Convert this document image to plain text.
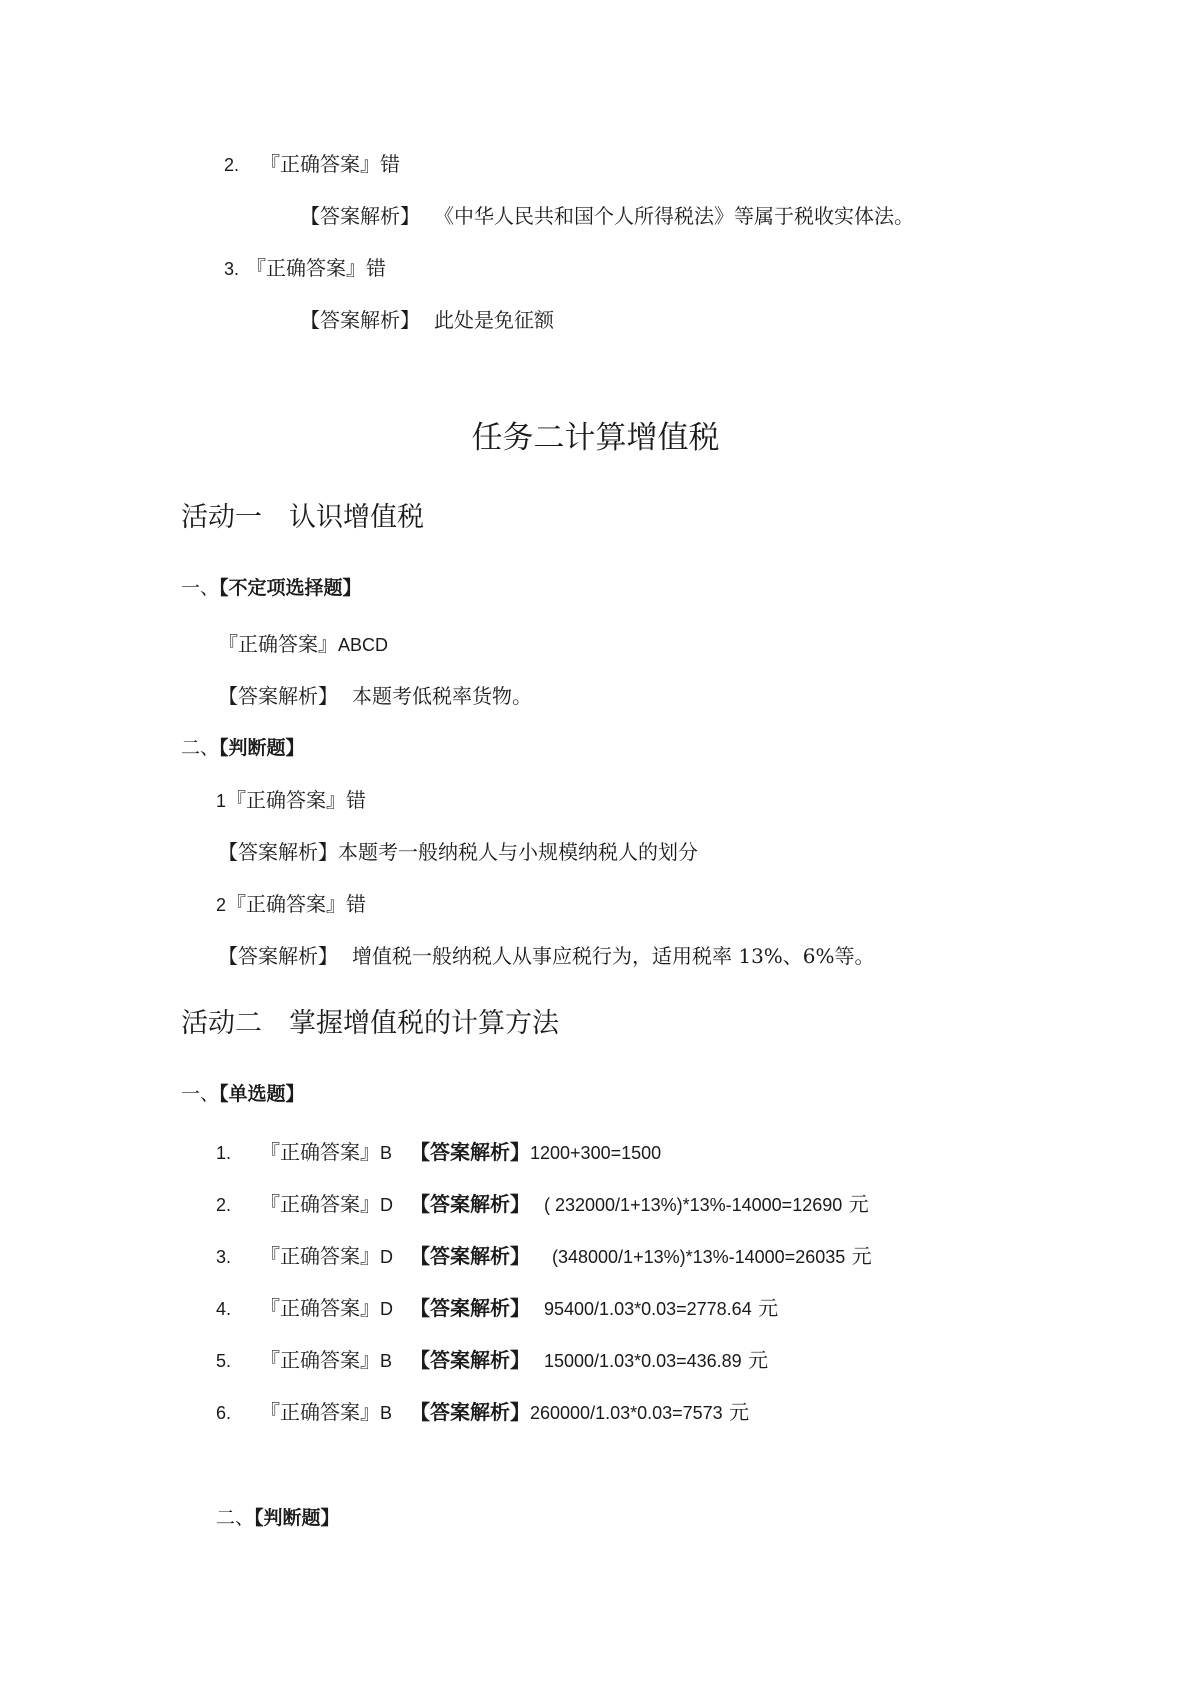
2. 『正确答案』错
【答案解析】 《中华人民共和国个人所得税法》等属于税收实体法。
3. 『正确答案』错
【答案解析】 此处是免征额
任务二计算增值税
活动一　认识增值税
一、【不定项选择题】
『正确答案』ABCD
【答案解析】 本题考低税率货物。
二、【判断题】
1『正确答案』错
【答案解析】本题考一般纳税人与小规模纳税人的划分
2『正确答案』错
【答案解析】 增值税一般纳税人从事应税行为，适用税率 13%、6%等。
活动二　掌握增值税的计算方法
一、【单选题】
1. 『正确答案』B 【答案解析】1200+300=1500
2. 『正确答案』D 【答案解析】 ( 232000/1+13%)*13%-14000=12690 元
3. 『正确答案』D 【答案解析】 (348000/1+13%)*13%-14000=26035 元
4. 『正确答案』D 【答案解析】 95400/1.03*0.03=2778.64 元
5. 『正确答案』B 【答案解析】 15000/1.03*0.03=436.89 元
6. 『正确答案』B 【答案解析】260000/1.03*0.03=7573 元
二、【判断题】
